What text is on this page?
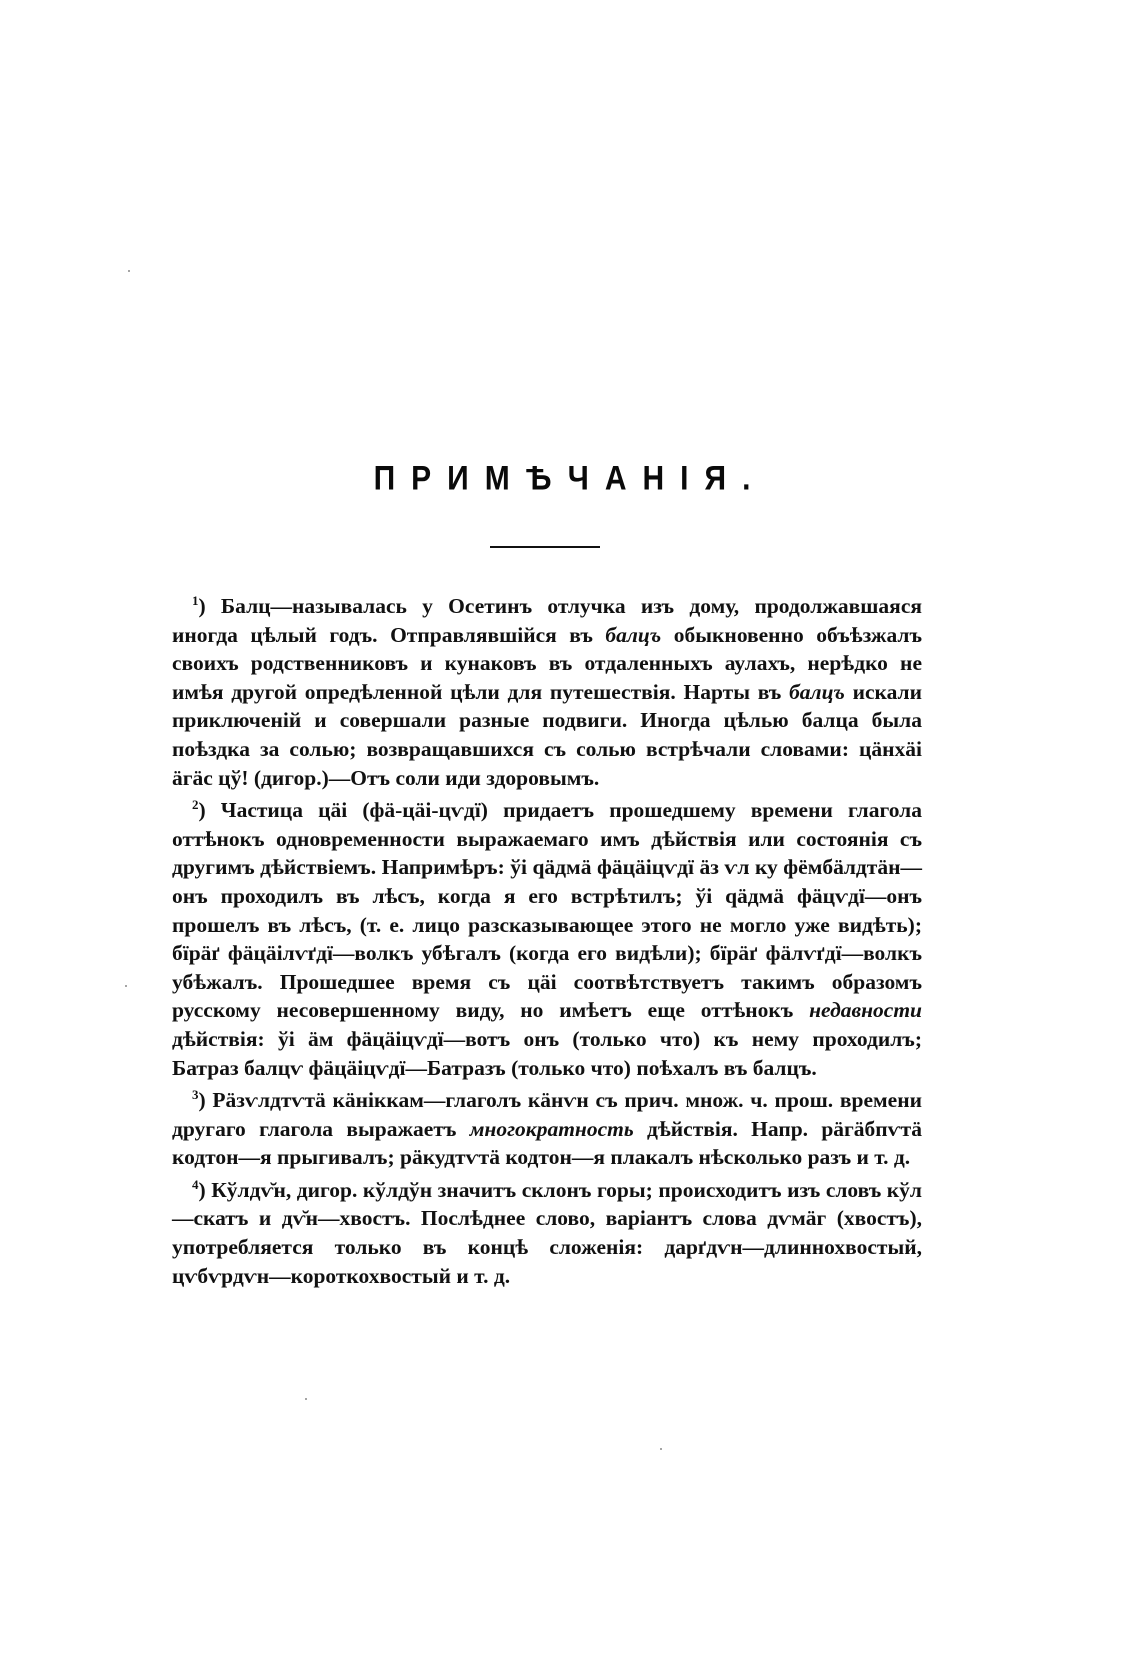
ПРИМѢЧАНІЯ.

$^1$) Балц—называлась у Осетинъ отлучка изъ дому, продолжавшаяся иногда цѣлый годъ. Отправлявшійся въ балцъ обыкновенно объѣзжалъ своихъ родственниковъ и кунаковъ въ отдаленныхъ аулахъ, нерѣдко не имѣя другой опредѣленной цѣли для путешествія. Нарты въ балцъ искали приключеній и совершали разные подвиги. Иногда цѣлью балца была поѣздка за солью; возвращавшихся съ солью встрѣчали словами: цӓнхӓі ӓгӓс цў! (дигор.)—Отъ соли иди здоровымъ.

$^2$) Частица цӓі (фӓ-цӓі-цѵдї) придаетъ прошедшему времени глагола оттѣнокъ одновременности выражаемаго имъ дѣйствія или состоянія съ другимъ дѣйствіемъ. Напримѣръ: ўі qӓдмӓ фӓцӓіцѵдї ӓз ѵл ку фёмбӓлдтӓн—онъ проходилъ въ лѣсъ, когда я его встрѣтилъ; ўі qӓдмӓ фӓцѵдї—онъ прошелъ въ лѣсъ, (т. е. лицо разсказывающее этого не могло уже видѣть); бїрӓґ фӓцӓілѵґдї—волкъ убѣгалъ (когда его видѣли); бїрӓґ фӓлѵґдї—волкъ убѣжалъ. Прошедшее время съ цӓі соотвѣтствуетъ такимъ образомъ русскому несовершенному виду, но имѣетъ еще оттѣнокъ недавности дѣйствія: ўі ӓм фӓцӓіцѵдї—вотъ онъ (только что) къ нему проходилъ; Батраз балцѵ фӓцӓіцѵдї—Батразъ (только что) поѣхалъ въ балцъ.

$^3$) Рӓзѵлдтѵтӓ кӓніккам—глаголъ кӓнѵн съ прич. множ. ч. прош. времени другаго глагола выражаетъ многократность дѣйствія. Напр. рӓгӓбпѵтӓ кодтон—я прыгивалъ; рӓкудтѵтӓ кодтон—я плакалъ нѣсколько разъ и т. д.

$^4$) Кўлдѵ̆н, дигор. кўлдўн значитъ склонъ горы; происходитъ изъ словъ кўл—скатъ и дѵ̆н—хвостъ. Послѣднее слово, варіантъ слова дѵмӓг (хвостъ), употребляется только въ концѣ сложенія: дарґдѵн—длиннохвостый, цѵбѵрдѵн—короткохвостый и т. д.
